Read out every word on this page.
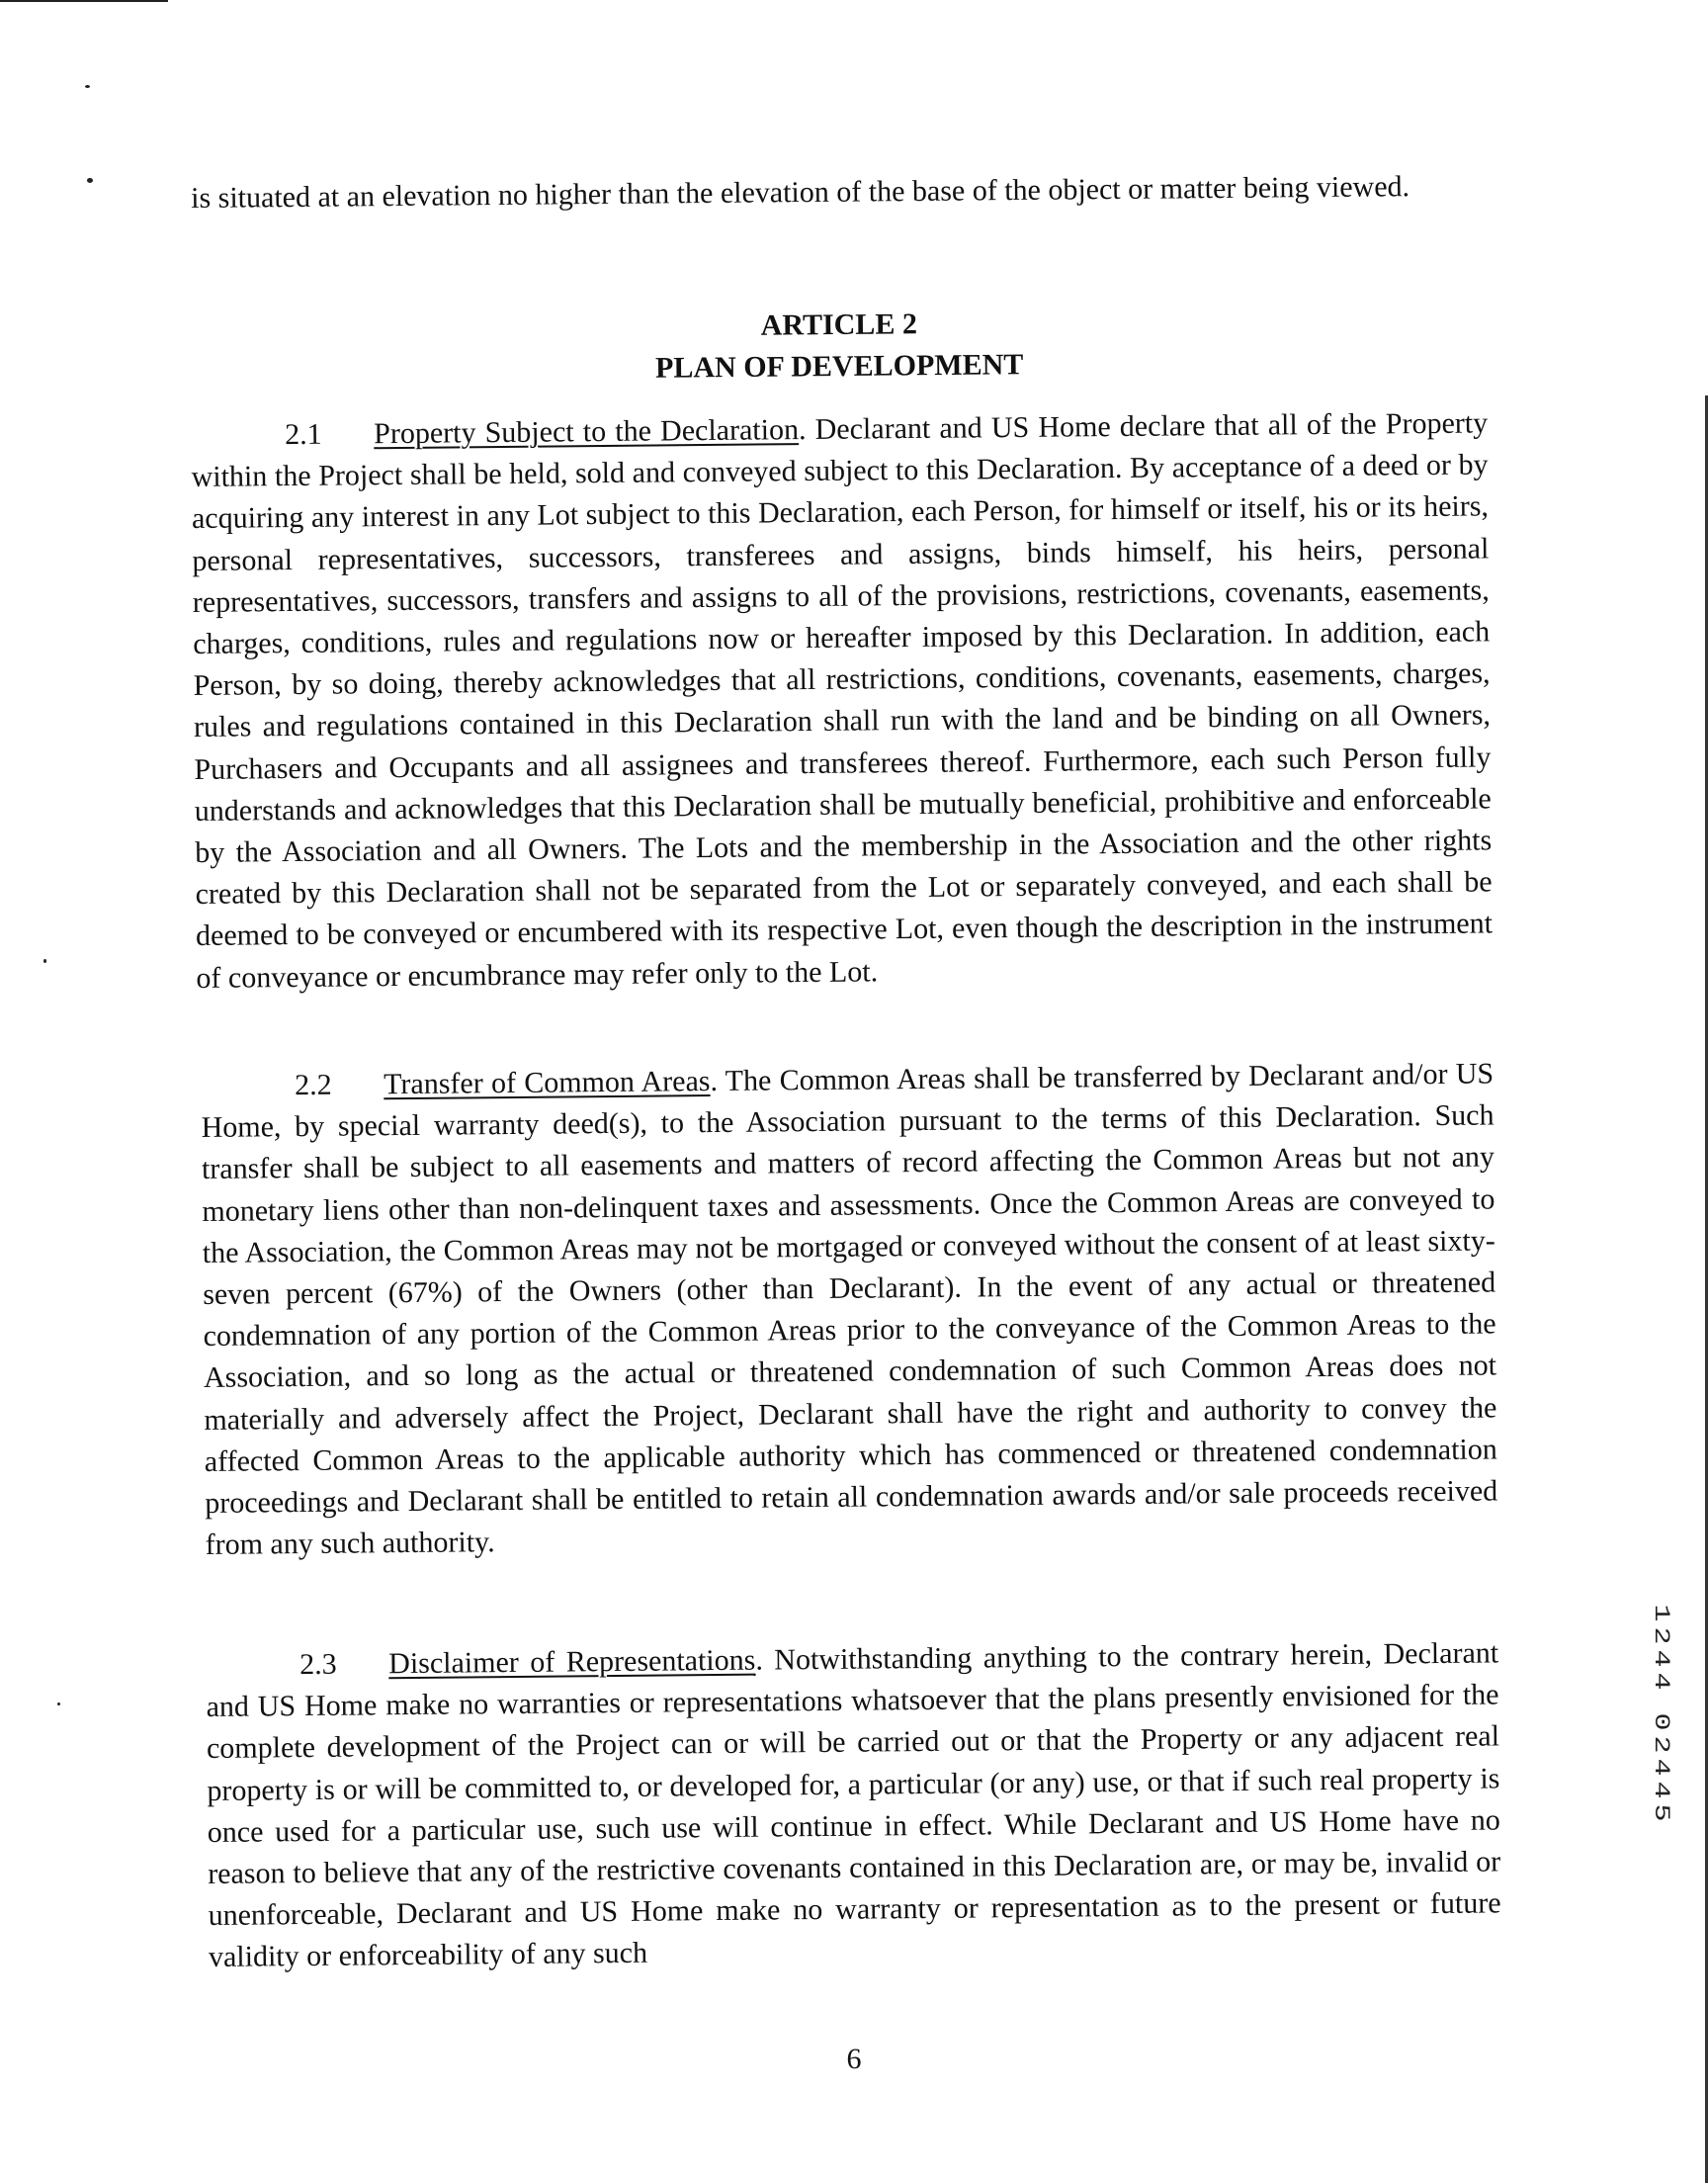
is situated at an elevation no higher than the elevation of the base of the object or matter being viewed.
ARTICLE 2
PLAN OF DEVELOPMENT
2.1 Property Subject to the Declaration. Declarant and US Home declare that all of the Property within the Project shall be held, sold and conveyed subject to this Declaration. By acceptance of a deed or by acquiring any interest in any Lot subject to this Declaration, each Person, for himself or itself, his or its heirs, personal representatives, successors, transferees and assigns, binds himself, his heirs, personal representatives, successors, transfers and assigns to all of the provisions, restrictions, covenants, easements, charges, conditions, rules and regulations now or hereafter imposed by this Declaration. In addition, each Person, by so doing, thereby acknowledges that all restrictions, conditions, covenants, easements, charges, rules and regulations contained in this Declaration shall run with the land and be binding on all Owners, Purchasers and Occupants and all assignees and transferees thereof. Furthermore, each such Person fully understands and acknowledges that this Declaration shall be mutually beneficial, prohibitive and enforceable by the Association and all Owners. The Lots and the membership in the Association and the other rights created by this Declaration shall not be separated from the Lot or separately conveyed, and each shall be deemed to be conveyed or encumbered with its respective Lot, even though the description in the instrument of conveyance or encumbrance may refer only to the Lot.
2.2 Transfer of Common Areas. The Common Areas shall be transferred by Declarant and/or US Home, by special warranty deed(s), to the Association pursuant to the terms of this Declaration. Such transfer shall be subject to all easements and matters of record affecting the Common Areas but not any monetary liens other than non-delinquent taxes and assessments. Once the Common Areas are conveyed to the Association, the Common Areas may not be mortgaged or conveyed without the consent of at least sixty-seven percent (67%) of the Owners (other than Declarant). In the event of any actual or threatened condemnation of any portion of the Common Areas prior to the conveyance of the Common Areas to the Association, and so long as the actual or threatened condemnation of such Common Areas does not materially and adversely affect the Project, Declarant shall have the right and authority to convey the affected Common Areas to the applicable authority which has commenced or threatened condemnation proceedings and Declarant shall be entitled to retain all condemnation awards and/or sale proceeds received from any such authority.
2.3 Disclaimer of Representations. Notwithstanding anything to the contrary herein, Declarant and US Home make no warranties or representations whatsoever that the plans presently envisioned for the complete development of the Project can or will be carried out or that the Property or any adjacent real property is or will be committed to, or developed for, a particular (or any) use, or that if such real property is once used for a particular use, such use will continue in effect. While Declarant and US Home have no reason to believe that any of the restrictive covenants contained in this Declaration are, or may be, invalid or unenforceable, Declarant and US Home make no warranty or representation as to the present or future validity or enforceability of any such
6
1
2
4
4
0
2
4
4
5
